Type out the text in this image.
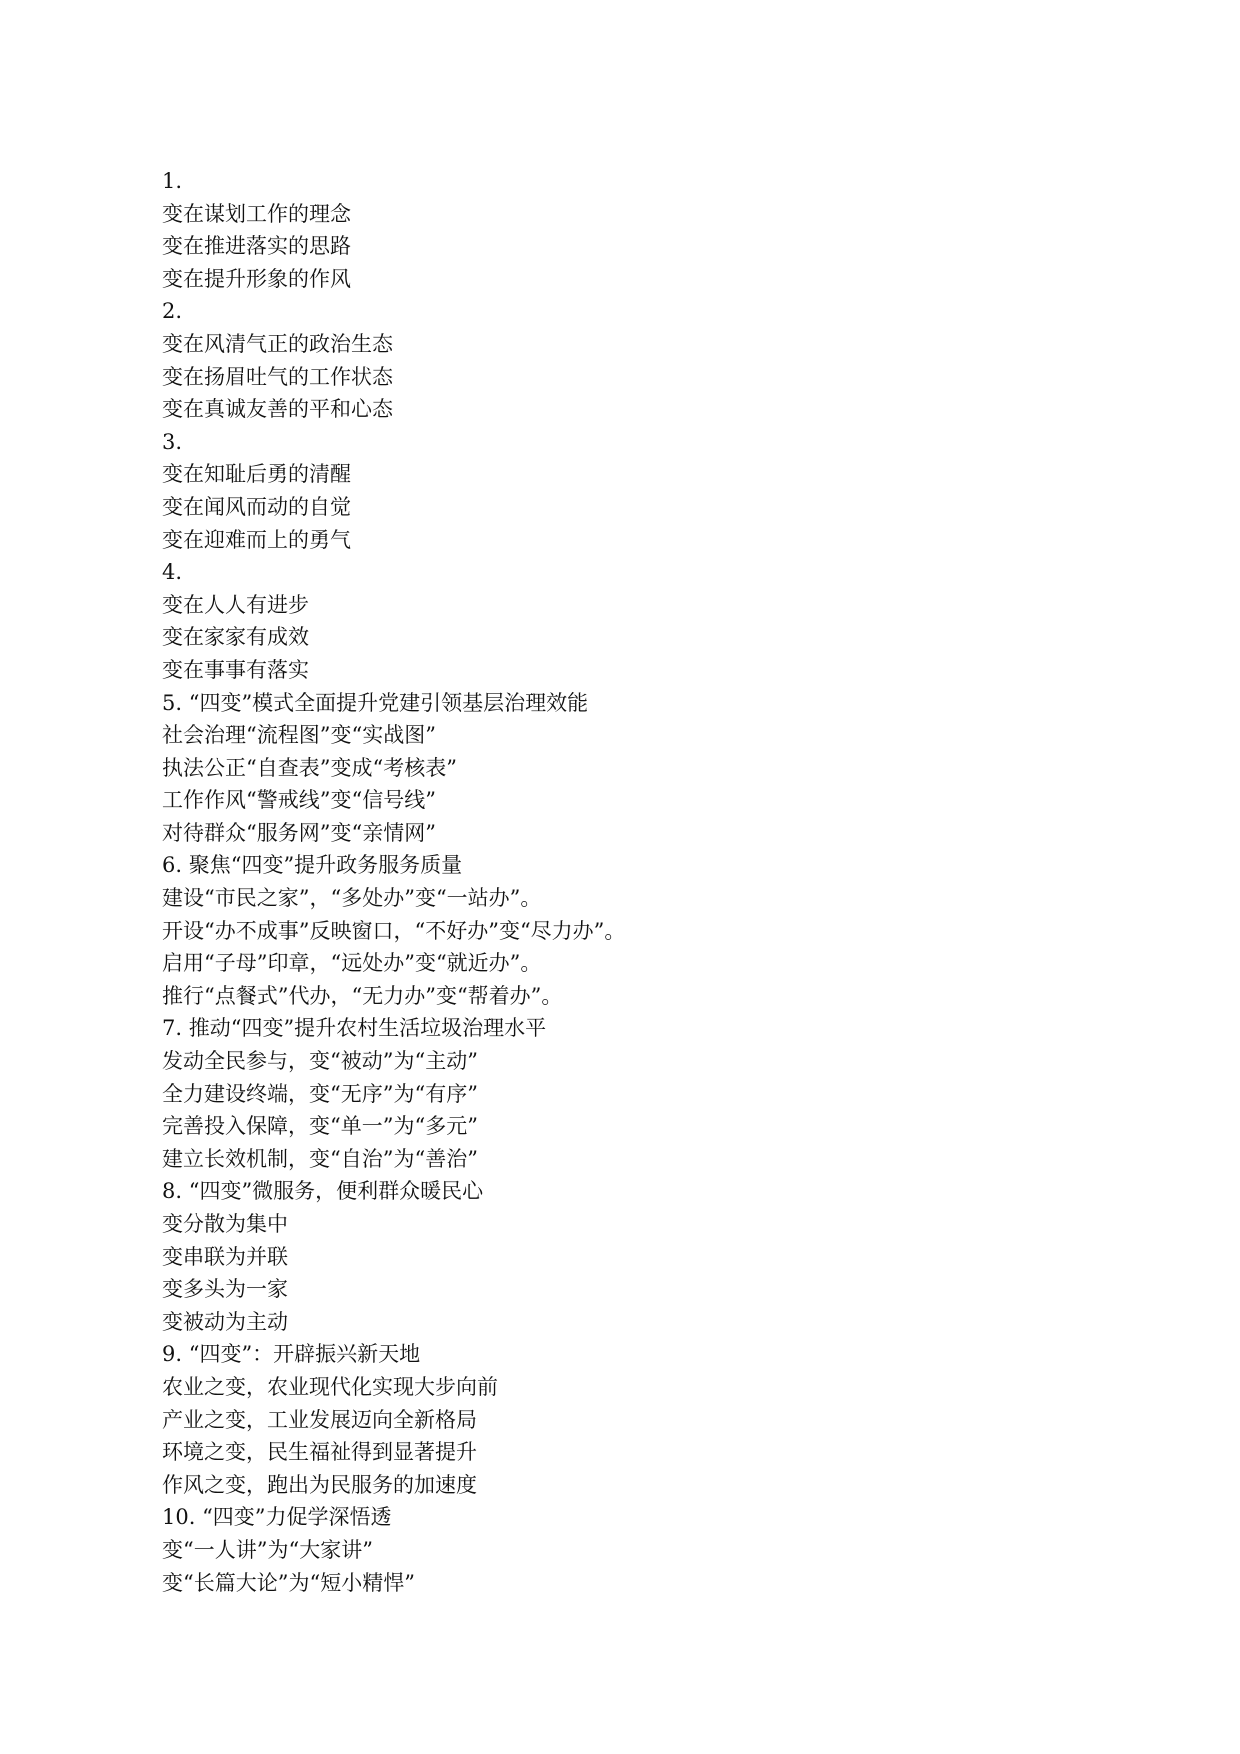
1.
变在谋划工作的理念
变在推进落实的思路
变在提升形象的作风
2.
变在风清气正的政治生态
变在扬眉吐气的工作状态
变在真诚友善的平和心态
3.
变在知耻后勇的清醒
变在闻风而动的自觉
变在迎难而上的勇气
4.
变在人人有进步
变在家家有成效
变在事事有落实
5. “四变”模式全面提升党建引领基层治理效能
社会治理“流程图”变“实战图”
执法公正“自查表”变成“考核表”
工作作风“警戒线”变“信号线”
对待群众“服务网”变“亲情网”
6. 聚焦“四变”提升政务服务质量
建设“市民之家”，“多处办”变“一站办”。
开设“办不成事”反映窗口，“不好办”变“尽力办”。
启用“子母”印章，“远处办”变“就近办”。
推行“点餐式”代办，“无力办”变“帮着办”。
7. 推动“四变”提升农村生活垃圾治理水平
发动全民参与，变“被动”为“主动”
全力建设终端，变“无序”为“有序”
完善投入保障，变“单一”为“多元”
建立长效机制，变“自治”为“善治”
8. “四变”微服务，便利群众暖民心
变分散为集中
变串联为并联
变多头为一家
变被动为主动
9. “四变”：开辟振兴新天地
农业之变，农业现代化实现大步向前
产业之变，工业发展迈向全新格局
环境之变，民生福祉得到显著提升
作风之变，跑出为民服务的加速度
10. “四变”力促学深悟透
变“一人讲”为“大家讲”
变“长篇大论”为“短小精悍”
